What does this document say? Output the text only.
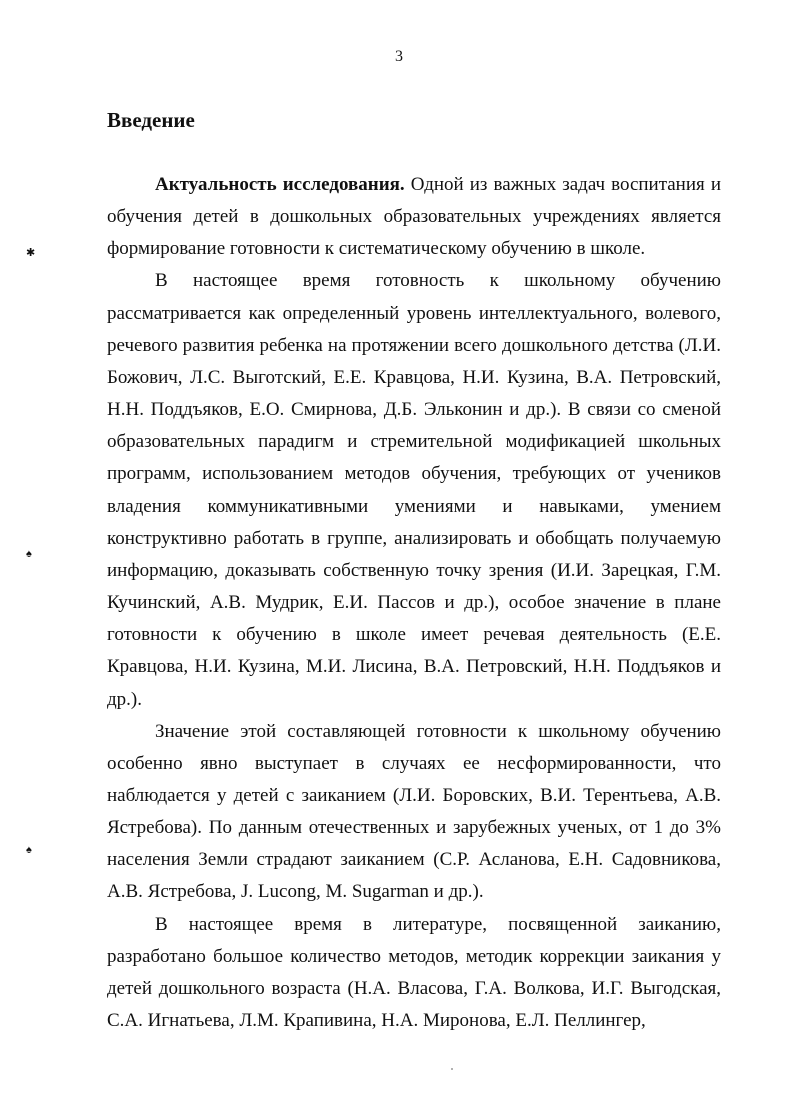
3
Введение

Актуальность исследования. Одной из важных задач воспитания и обучения детей в дошкольных образовательных учреждениях является формирование готовности к систематическому обучению в школе.

В настоящее время готовность к школьному обучению рассматривается как определенный уровень интеллектуального, волевого, речевого развития ребенка на протяжении всего дошкольного детства (Л.И. Божович, Л.С. Выготский, Е.Е. Кравцова, Н.И. Кузина, В.А. Петровский, Н.Н. Поддъяков, Е.О. Смирнова, Д.Б. Эльконин и др.). В связи со сменой образовательных парадигм и стремительной модификацией школьных программ, использованием методов обучения, требующих от учеников владения коммуникативными умениями и навыками, умением конструктивно работать в группе, анализировать и обобщать получаемую информацию, доказывать собственную точку зрения (И.И. Зарецкая, Г.М. Кучинский, А.В. Мудрик, Е.И. Пассов и др.), особое значение в плане готовности к обучению в школе имеет речевая деятельность (Е.Е. Кравцова, Н.И. Кузина, М.И. Лисина, В.А. Петровский, Н.Н. Поддъяков и др.).

Значение этой составляющей готовности к школьному обучению особенно явно выступает в случаях ее несформированности, что наблюдается у детей с заиканием (Л.И. Боровских, В.И. Терентьева, А.В. Ястребова). По данным отечественных и зарубежных ученых, от 1 до 3% населения Земли страдают заиканием (С.Р. Асланова, Е.Н. Садовникова, А.В. Ястребова, J. Lucong, M. Sugarman и др.).

В настоящее время в литературе, посвященной заиканию, разработано большое количество методов, методик коррекции заикания у детей дошкольного возраста (Н.А. Власова, Г.А. Волкова, И.Г. Выгодская, С.А. Игнатьева, Л.М. Крапивина, Н.А. Миронова, Е.Л. Пеллингер,

✱
♠
♠
